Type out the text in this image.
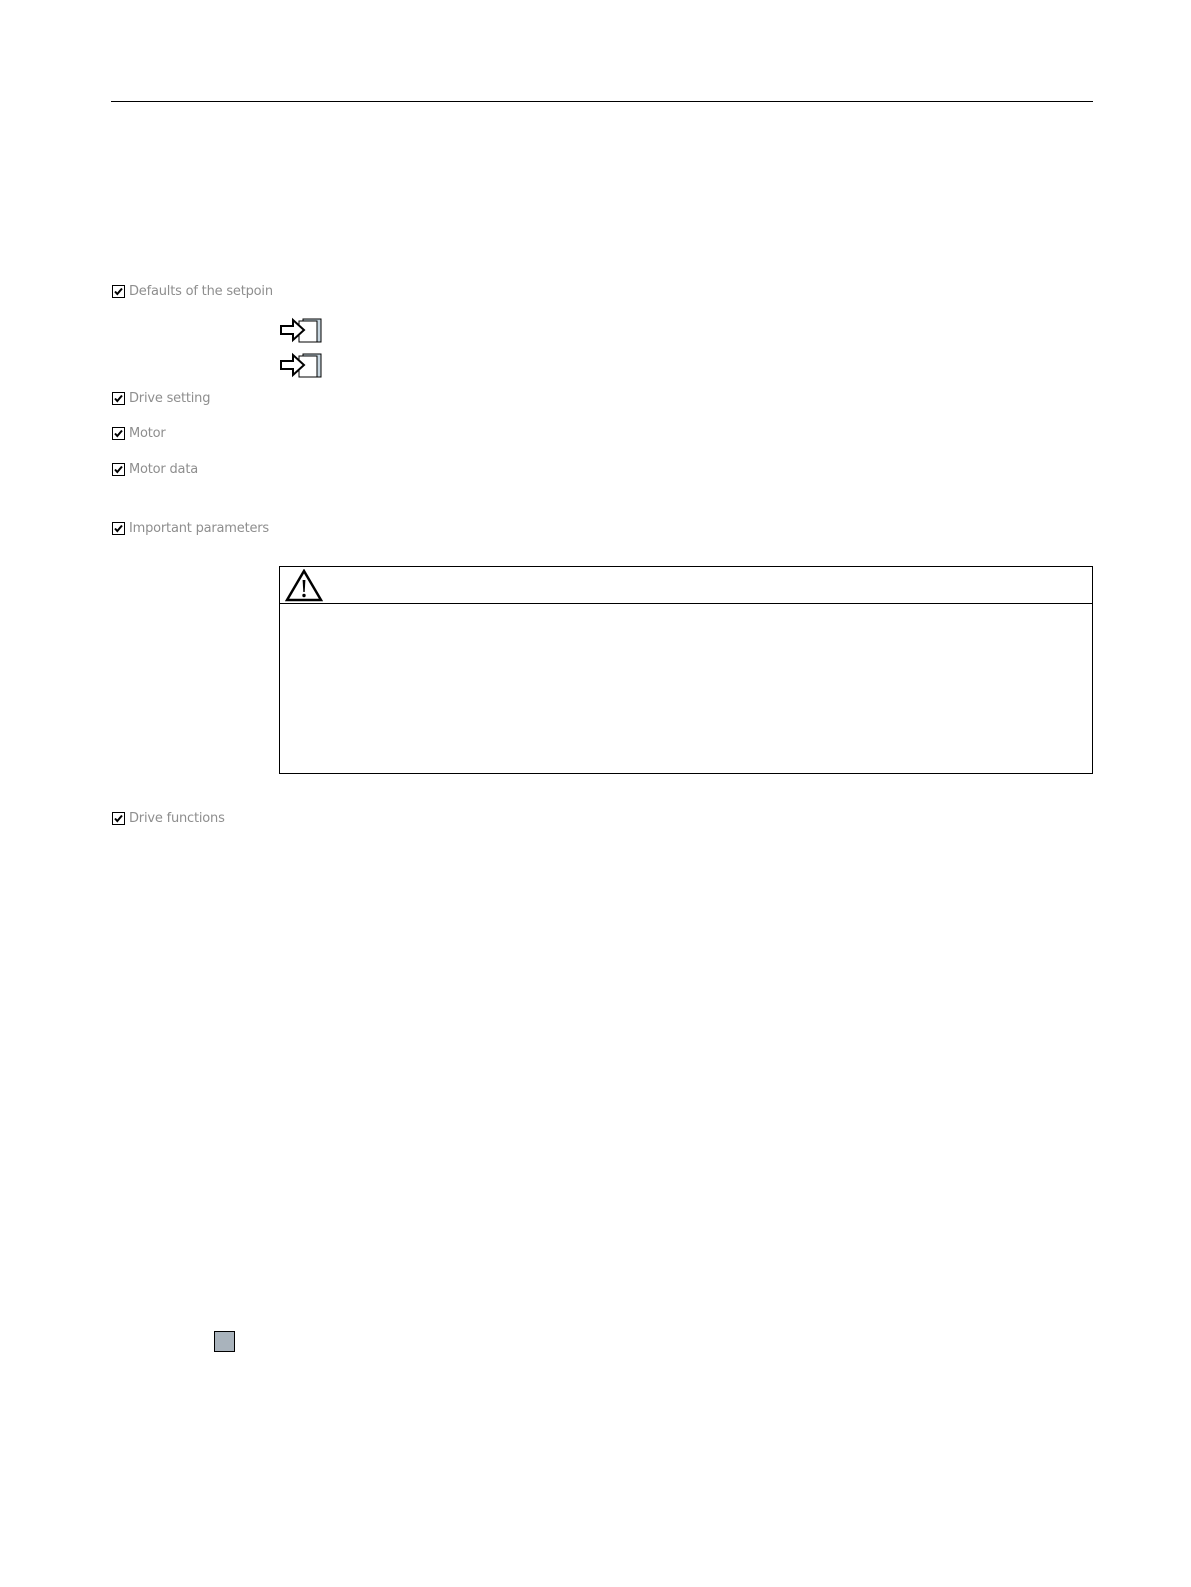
Defaults of the setpoin
Drive setting
Motor
Motor data
Important parameters
Drive functions
